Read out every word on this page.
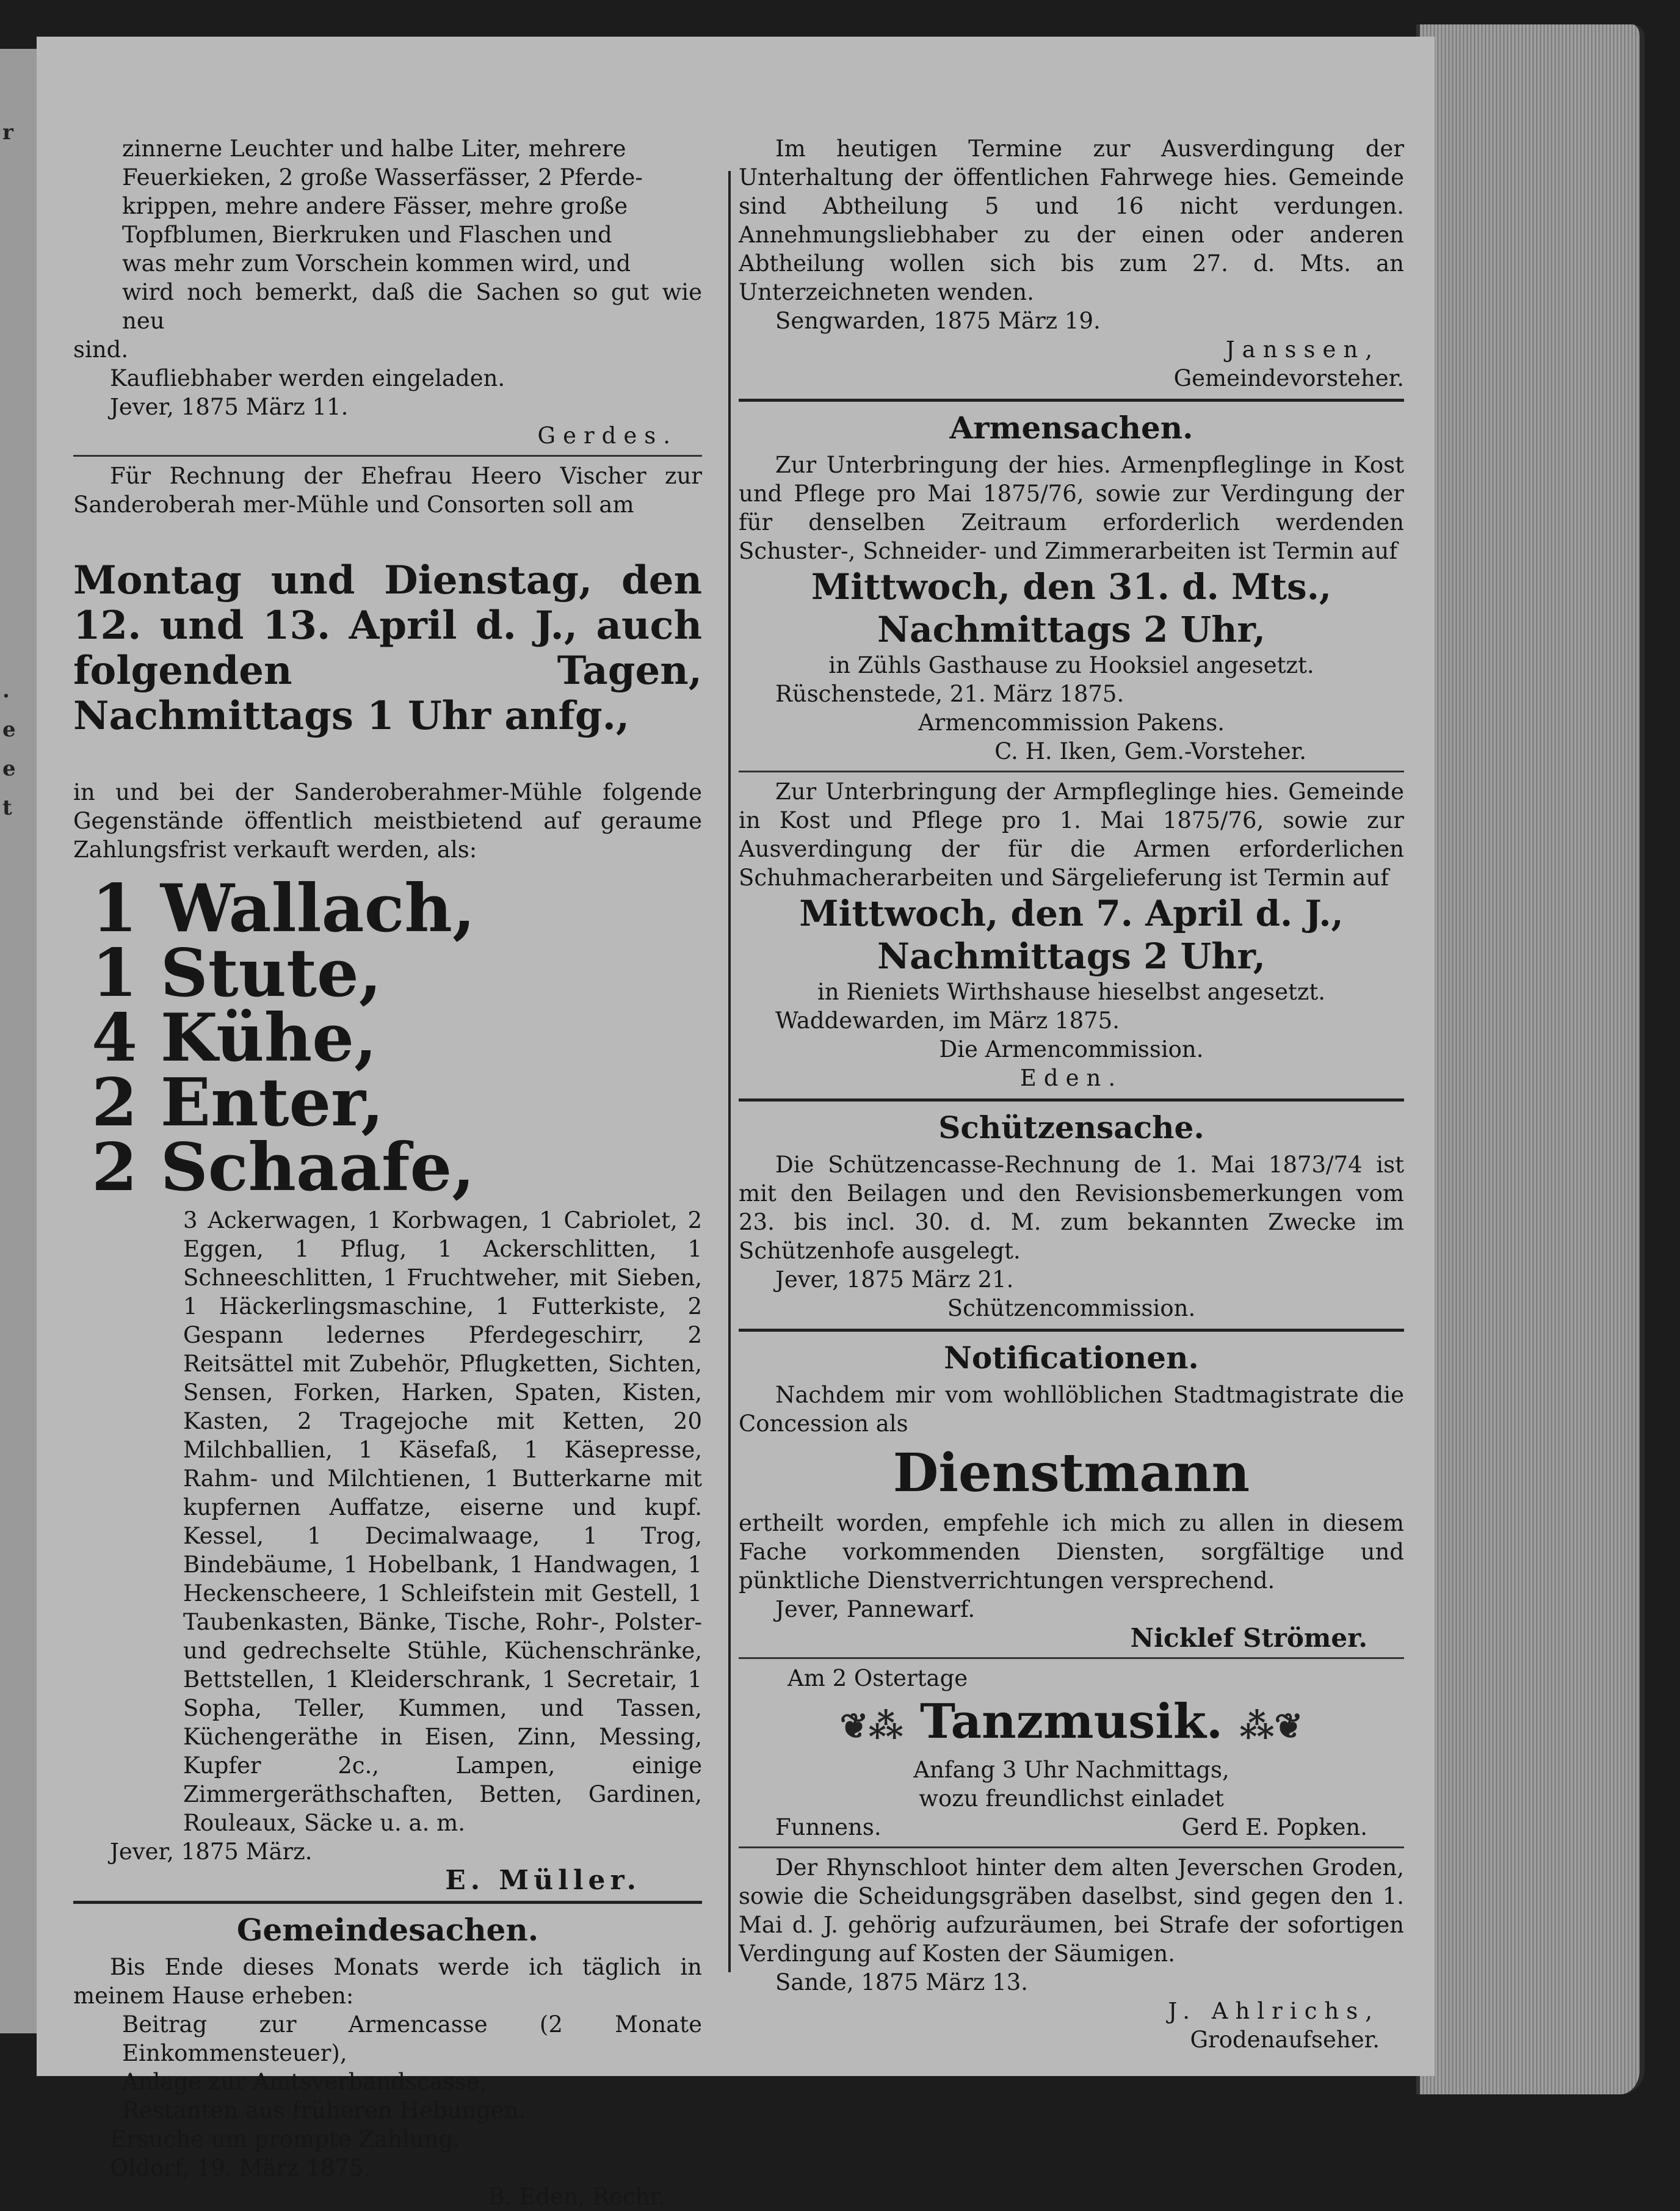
r
.
e
e
t

zinnerne Leuchter und halbe Liter, mehrere

Feuerkieken, 2 große Wasserfässer, 2 Pferde-

krippen, mehre andere Fässer, mehre große

Topfblumen, Bierkruken und Flaschen und

was mehr zum Vorschein kommen wird, und

wird noch bemerkt, daß die Sachen so gut wie neu

sind.

Kaufliebhaber werden eingeladen.

Jever, 1875 März 11.

Gerdes.

Für Rechnung der Ehefrau Heero Vischer zur Sanderoberah mer-Mühle und Consorten soll am

Montag und Dienstag, den 12. und 13. April d. J., auch folgenden Tagen, Nachmittags 1 Uhr anfg.,

in und bei der Sanderoberahmer-Mühle folgende Gegenstände öffentlich meistbietend auf geraume Zahlungsfrist verkauft werden, als:

1 Wallach,

1 Stute,

4 Kühe,

2 Enter,

2 Schaafe,

3 Ackerwagen, 1 Korbwagen, 1 Cabriolet, 2 Eggen, 1 Pflug, 1 Ackerschlitten, 1 Schneeschlitten, 1 Fruchtweher, mit Sieben, 1 Häckerlingsmaschine, 1 Futterkiste, 2 Gespann ledernes Pferdegeschirr, 2 Reitsättel mit Zubehör, Pflugketten, Sichten, Sensen, Forken, Harken, Spaten, Kisten, Kasten, 2 Tragejoche mit Ketten, 20 Milchballien, 1 Käsefaß, 1 Käsepresse, Rahm- und Milchtienen, 1 Butterkarne mit kupfernen Auffatze, eiserne und kupf. Kessel, 1 Decimalwaage, 1 Trog, Bindebäume, 1 Hobelbank, 1 Handwagen, 1 Heckenscheere, 1 Schleifstein mit Gestell, 1 Taubenkasten, Bänke, Tische, Rohr-, Polster- und gedrechselte Stühle, Küchenschränke, Bettstellen, 1 Kleiderschrank, 1 Secretair, 1 Sopha, Teller, Kummen, und Tassen, Küchengeräthe in Eisen, Zinn, Messing, Kupfer 2c., Lampen, einige Zimmergeräthschaften, Betten, Gardinen, Rouleaux, Säcke u. a. m.

Jever, 1875 März.

E. Müller.

Gemeindesachen.

Bis Ende dieses Monats werde ich täglich in meinem Hause erheben:

Beitrag zur Armencasse (2 Monate Einkommensteuer),

Anlage zur Amtsverbandscasse,

Restanten aus früheren Hebungen.

Ersuche um prompte Zahlung.

Oldorf, 19. März 1875.

B. Eden, Rechr.

Im heutigen Termine zur Ausverdingung der Unterhaltung der öffentlichen Fahrwege hies. Gemeinde sind Abtheilung 5 und 16 nicht verdungen. Annehmungsliebhaber zu der einen oder anderen Abtheilung wollen sich bis zum 27. d. Mts. an Unterzeichneten wenden.

Sengwarden, 1875 März 19.

Janssen,

Gemeindevorsteher.

Armensachen.

Zur Unterbringung der hies. Armenpfleglinge in Kost und Pflege pro Mai 1875/76, sowie zur Verdingung der für denselben Zeitraum erforderlich werdenden Schuster-, Schneider- und Zimmerarbeiten ist Termin auf

Mittwoch, den 31. d. Mts.,

Nachmittags 2 Uhr,

in Zühls Gasthause zu Hooksiel angesetzt.

Rüschenstede, 21. März 1875.

Armencommission Pakens.

C. H. Iken, Gem.-Vorsteher.

Zur Unterbringung der Armpfleglinge hies. Gemeinde in Kost und Pflege pro 1. Mai 1875/76, sowie zur Ausverdingung der für die Armen erforderlichen Schuhmacherarbeiten und Särgelieferung ist Termin auf

Mittwoch, den 7. April d. J.,

Nachmittags 2 Uhr,

in Rieniets Wirthshause hieselbst angesetzt.

Waddewarden, im März 1875.

Die Armencommission.

Eden.

Schützensache.

Die Schützencasse-Rechnung de 1. Mai 1873/74 ist mit den Beilagen und den Revisionsbemerkungen vom 23. bis incl. 30. d. M. zum bekannten Zwecke im Schützenhofe ausgelegt.

Jever, 1875 März 21.

Schützencommission.

Notificationen.

Nachdem mir vom wohllöblichen Stadtmagistrate die Concession als

Dienstmann

ertheilt worden, empfehle ich mich zu allen in diesem Fache vorkommenden Diensten, sorgfältige und pünktliche Dienstverrichtungen versprechend.

Jever, Pannewarf.

Nicklef Strömer.

Am 2 Ostertage

❦⁂ Tanzmusik. ⁂❦

Anfang 3 Uhr Nachmittags,

wozu freundlichst einladet

Funnens.	Gerd E. Popken.

Der Rhynschloot hinter dem alten Jeverschen Groden, sowie die Scheidungsgräben daselbst, sind gegen den 1. Mai d. J. gehörig aufzuräumen, bei Strafe der sofortigen Verdingung auf Kosten der Säumigen.

Sande, 1875 März 13.

J. Ahlrichs,

Grodenaufseher.
